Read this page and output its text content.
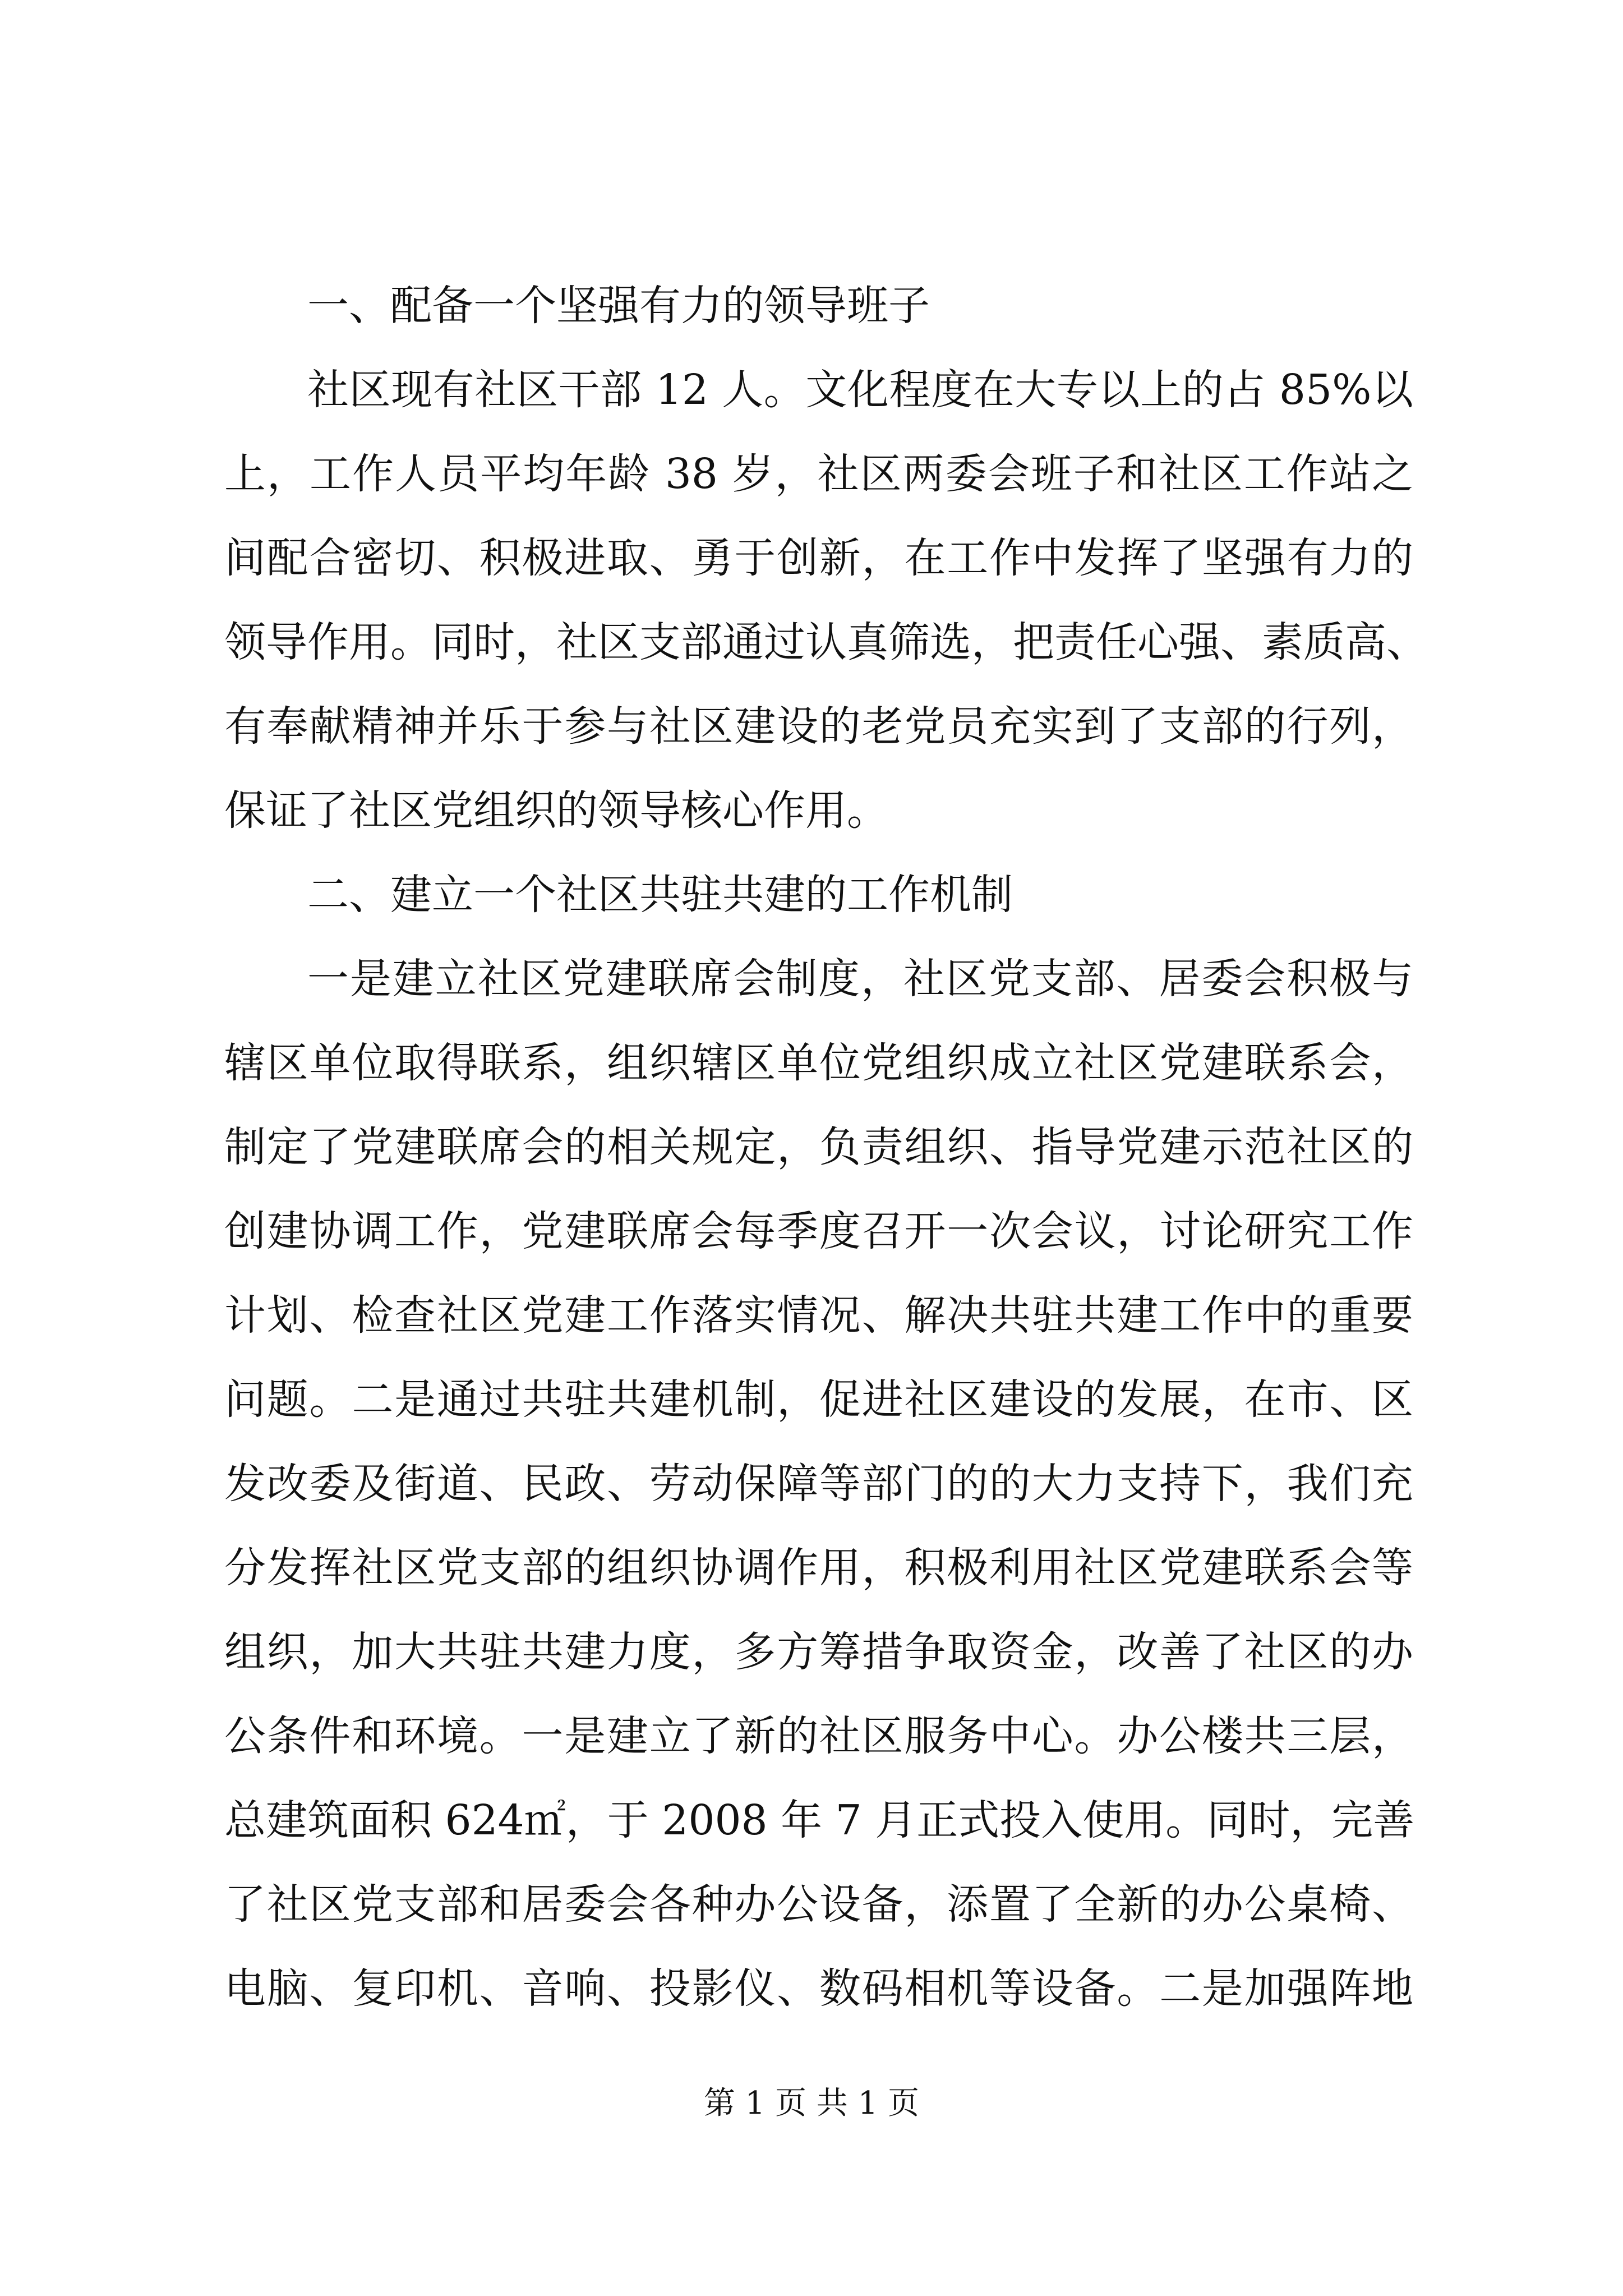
一、配备一个坚强有力的领导班子
社区现有社区干部 12 人。文化程度在大专以上的占 85%以
上，工作人员平均年龄 38 岁，社区两委会班子和社区工作站之
间配合密切、积极进取、勇于创新，在工作中发挥了坚强有力的
领导作用。同时，社区支部通过认真筛选，把责任心强、素质高、
有奉献精神并乐于参与社区建设的老党员充实到了支部的行列，
保证了社区党组织的领导核心作用。
二、建立一个社区共驻共建的工作机制
一是建立社区党建联席会制度，社区党支部、居委会积极与
辖区单位取得联系，组织辖区单位党组织成立社区党建联系会，
制定了党建联席会的相关规定，负责组织、指导党建示范社区的
创建协调工作，党建联席会每季度召开一次会议，讨论研究工作
计划、检查社区党建工作落实情况、解决共驻共建工作中的重要
问题。二是通过共驻共建机制，促进社区建设的发展，在市、区
发改委及街道、民政、劳动保障等部门的的大力支持下，我们充
分发挥社区党支部的组织协调作用，积极利用社区党建联系会等
组织，加大共驻共建力度，多方筹措争取资金，改善了社区的办
公条件和环境。一是建立了新的社区服务中心。办公楼共三层，
总建筑面积 624㎡，于 2008 年 7 月正式投入使用。同时，完善
了社区党支部和居委会各种办公设备，添置了全新的办公桌椅、
电脑、复印机、音响、投影仪、数码相机等设备。二是加强阵地
第 1 页 共 1 页
